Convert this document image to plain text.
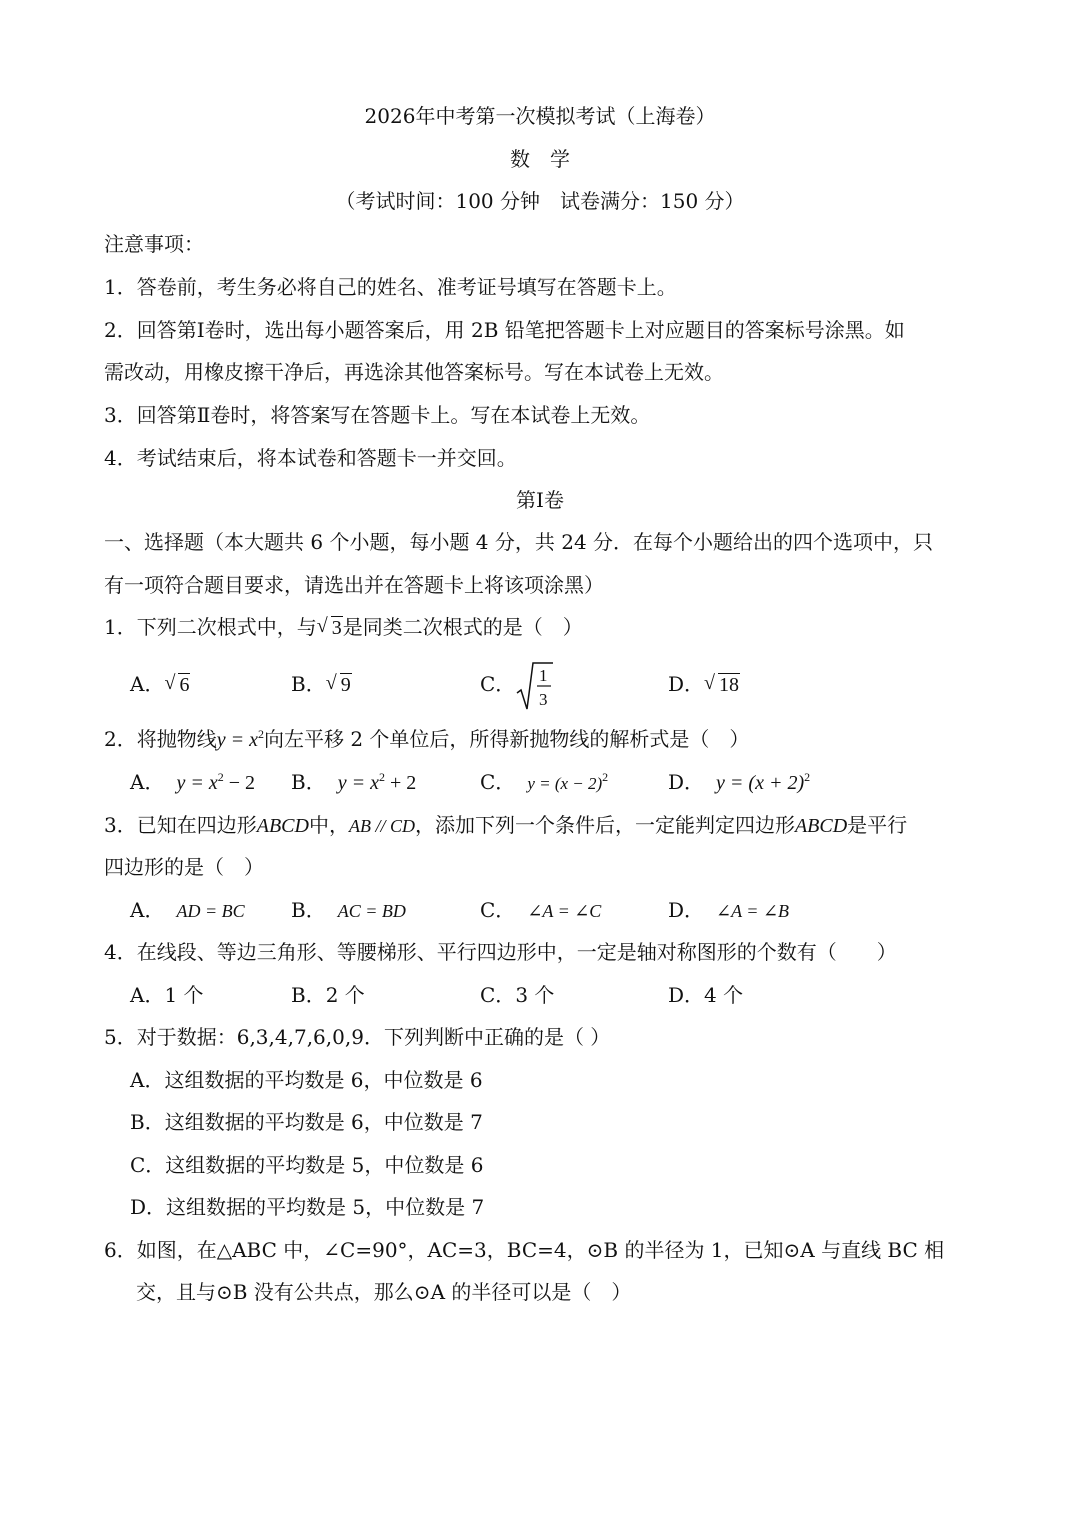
2026年中考第一次模拟考试（上海卷）
数　学
（考试时间：100 分钟　试卷满分：150 分）
注意事项：
1．答卷前，考生务必将自己的姓名、准考证号填写在答题卡上。
2．回答第Ⅰ卷时，选出每小题答案后，用 2B 铅笔把答题卡上对应题目的答案标号涂黑。如
需改动，用橡皮擦干净后，再选涂其他答案标号。写在本试卷上无效。
3．回答第Ⅱ卷时，将答案写在答题卡上。写在本试卷上无效。
4．考试结束后，将本试卷和答题卡一并交回。
第Ⅰ卷
一、选择题（本大题共 6 个小题，每小题 4 分，共 24 分．在每个小题给出的四个选项中，只
有一项符合题目要求，请选出并在答题卡上将该项涂黑）
1．下列二次根式中，与 √ 3是同类二次根式的是（　）
A． √ 6	B． √ 9	C． 1
3
D． √ 18
2．将抛物线$y = x^2$向左平移 2 个单位后，所得新抛物线的解析式是（　）
A． $y = x^2 - 2$ B． $y = x^2 + 2$	C． $y = (x - 2)^2$	D． $y = (x + 2)^2$
3．已知在四边形ABCD中，AB // CD，添加下列一个条件后，一定能判定四边形ABCD是平行
四边形的是（　）
A． AD = BC B． AC = BD	C． ∠A = ∠C	D． ∠A = ∠B
4．在线段、等边三角形、等腰梯形、平行四边形中，一定是轴对称图形的个数有（　　）
A．1 个	B．2 个	C．3 个	D．4 个
5．对于数据：6,3,4,7,6,0,9．下列判断中正确的是（ ）
A．这组数据的平均数是 6，中位数是 6
B．这组数据的平均数是 6，中位数是 7
C．这组数据的平均数是 5，中位数是 6
D．这组数据的平均数是 5，中位数是 7
6．如图，在△ABC 中，∠C=90°，AC=3，BC=4，⊙B 的半径为 1，已知⊙A 与直线 BC 相
交，且与⊙B 没有公共点，那么⊙A 的半径可以是（　）
